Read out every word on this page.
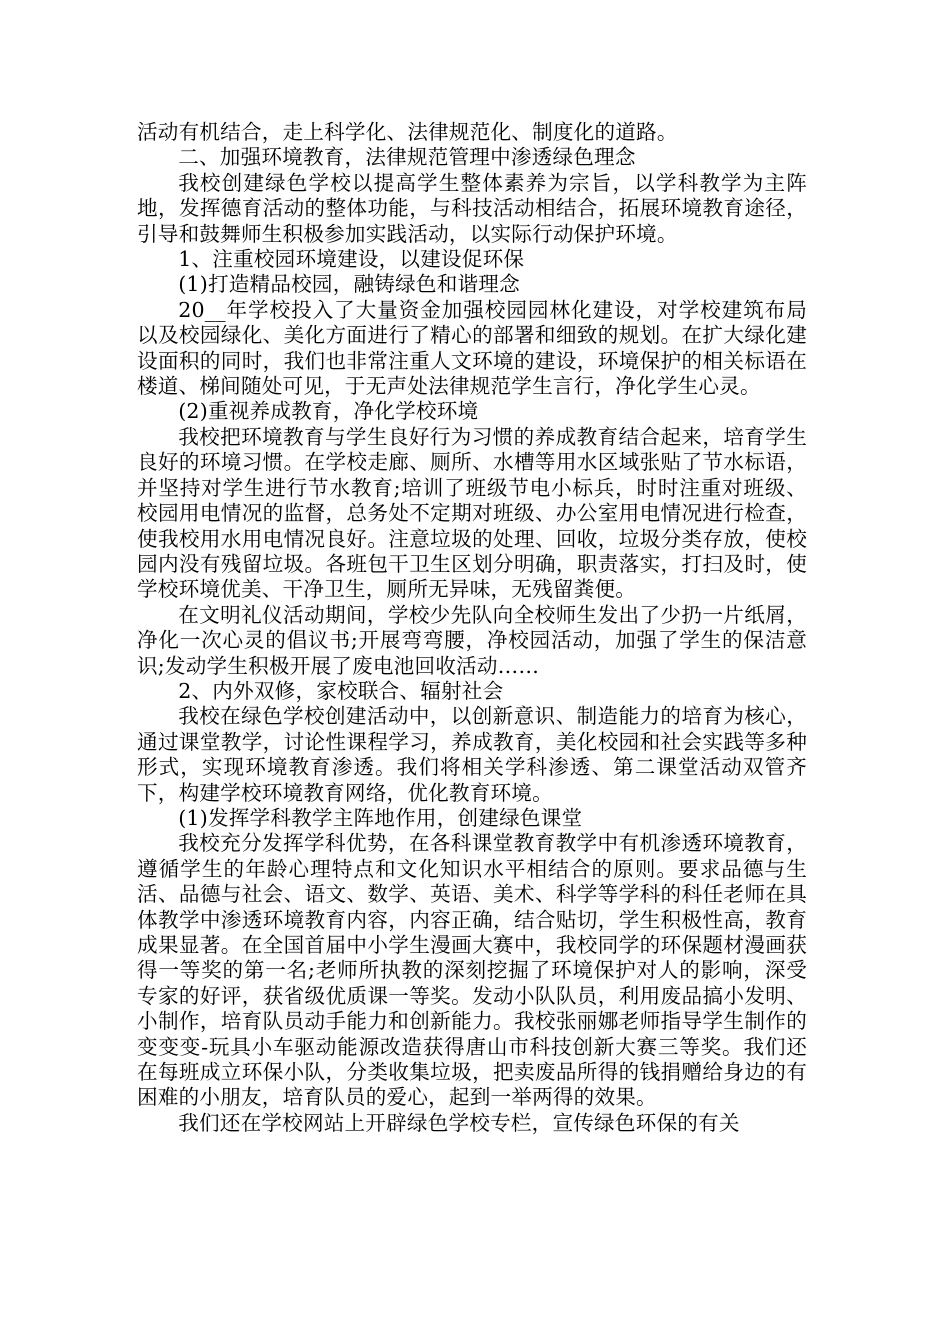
活动有机结合，走上科学化、法律规范化、制度化的道路。

二、加强环境教育，法律规范管理中渗透绿色理念

我校创建绿色学校以提高学生整体素养为宗旨，以学科教学为主阵地，发挥德育活动的整体功能，与科技活动相结合，拓展环境教育途径，引导和鼓舞师生积极参加实践活动，以实际行动保护环境。

1、注重校园环境建设，以建设促环保

(1)打造精品校园，融铸绿色和谐理念

20__年学校投入了大量资金加强校园园林化建设，对学校建筑布局以及校园绿化、美化方面进行了精心的部署和细致的规划。在扩大绿化建设面积的同时，我们也非常注重人文环境的建设，环境保护的相关标语在楼道、梯间随处可见，于无声处法律规范学生言行，净化学生心灵。

(2)重视养成教育，净化学校环境

我校把环境教育与学生良好行为习惯的养成教育结合起来，培育学生良好的环境习惯。在学校走廊、厕所、水槽等用水区域张贴了节水标语，并坚持对学生进行节水教育;培训了班级节电小标兵，时时注重对班级、校园用电情况的监督，总务处不定期对班级、办公室用电情况进行检查，使我校用水用电情况良好。注意垃圾的处理、回收，垃圾分类存放，使校园内没有残留垃圾。各班包干卫生区划分明确，职责落实，打扫及时，使学校环境优美、干净卫生，厕所无异味，无残留粪便。

在文明礼仪活动期间，学校少先队向全校师生发出了少扔一片纸屑，净化一次心灵的倡议书;开展弯弯腰，净校园活动，加强了学生的保洁意识;发动学生积极开展了废电池回收活动……

2、内外双修，家校联合、辐射社会

我校在绿色学校创建活动中，以创新意识、制造能力的培育为核心，通过课堂教学，讨论性课程学习，养成教育，美化校园和社会实践等多种形式，实现环境教育渗透。我们将相关学科渗透、第二课堂活动双管齐下，构建学校环境教育网络，优化教育环境。

(1)发挥学科教学主阵地作用，创建绿色课堂

我校充分发挥学科优势，在各科课堂教育教学中有机渗透环境教育，遵循学生的年龄心理特点和文化知识水平相结合的原则。要求品德与生活、品德与社会、语文、数学、英语、美术、科学等学科的科任老师在具体教学中渗透环境教育内容，内容正确，结合贴切，学生积极性高，教育成果显著。在全国首届中小学生漫画大赛中，我校同学的环保题材漫画获得一等奖的第一名;老师所执教的深刻挖掘了环境保护对人的影响，深受专家的好评，获省级优质课一等奖。发动小队队员，利用废品搞小发明、小制作，培育队员动手能力和创新能力。我校张丽娜老师指导学生制作的变变变-玩具小车驱动能源改造获得唐山市科技创新大赛三等奖。我们还在每班成立环保小队，分类收集垃圾，把卖废品所得的钱捐赠给身边的有困难的小朋友，培育队员的爱心，起到一举两得的效果。

我们还在学校网站上开辟绿色学校专栏，宣传绿色环保的有关
